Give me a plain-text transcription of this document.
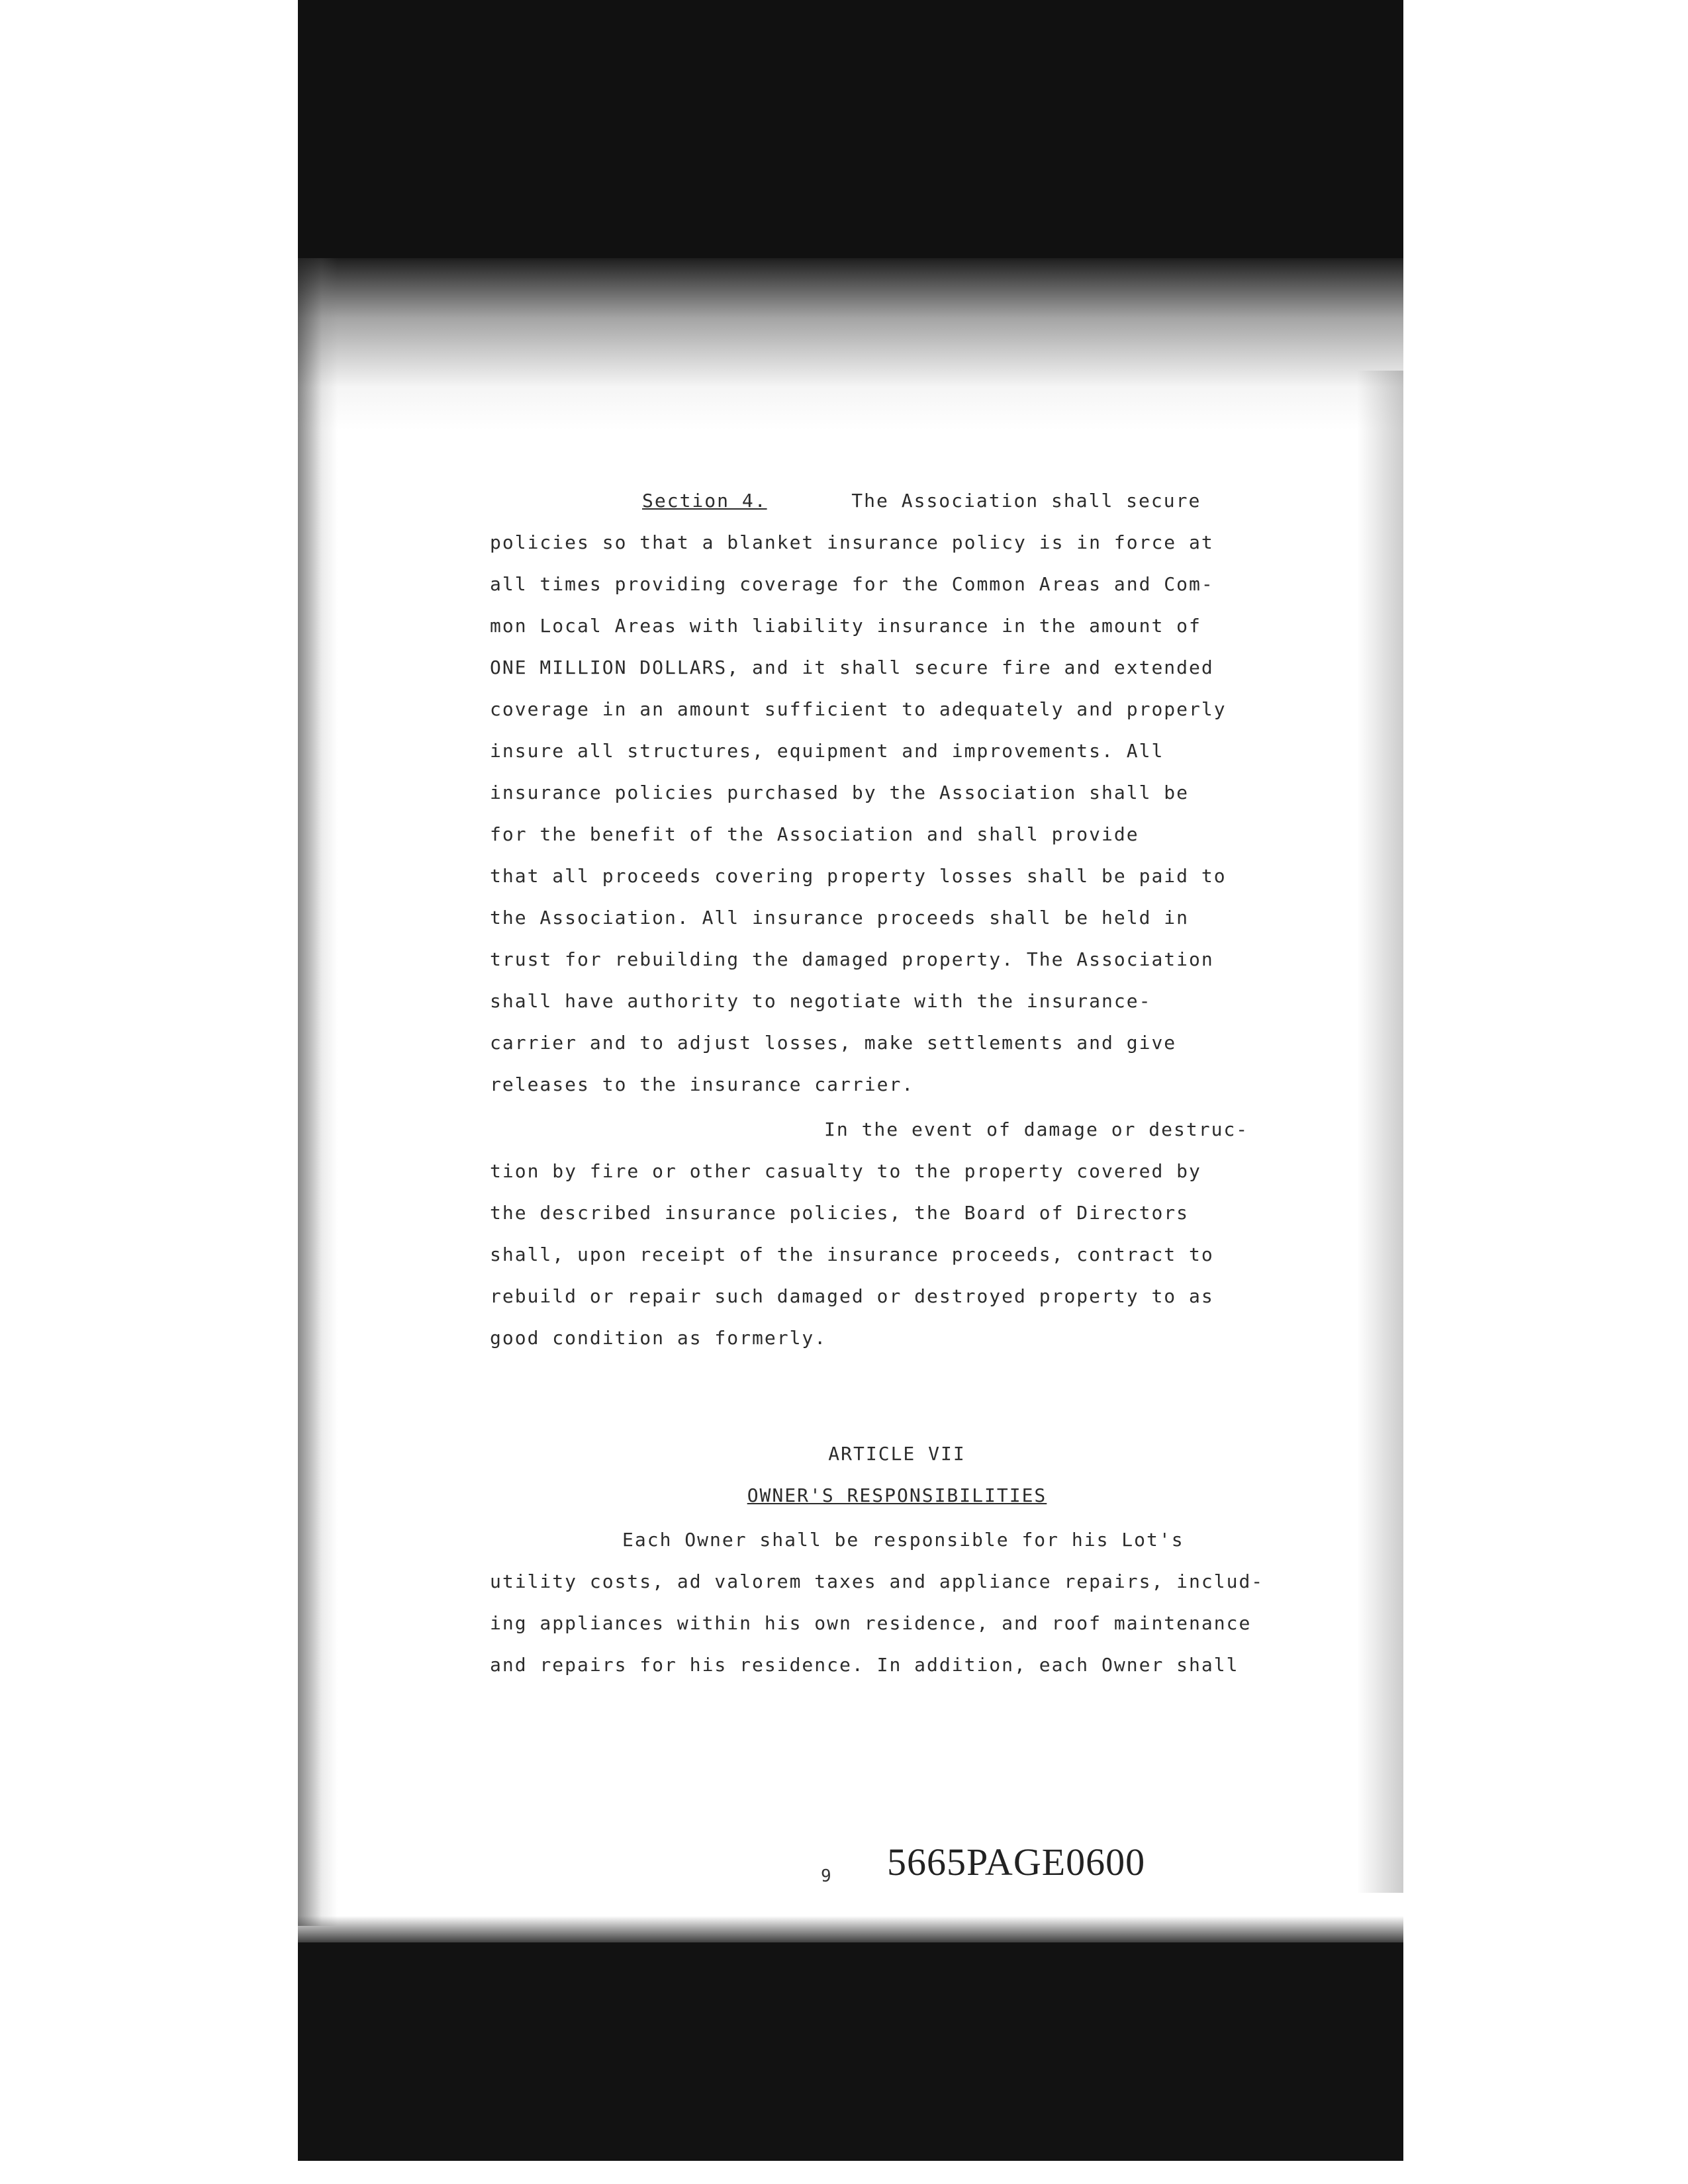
Section 4.	The Association shall secure
policies so that a blanket insurance policy is in force at
all times providing coverage for the Common Areas and Com-
mon Local Areas with liability insurance in the amount of
ONE MILLION DOLLARS, and it shall secure fire and extended
coverage in an amount sufficient to adequately and properly
insure all structures, equipment and improvements. All
insurance policies purchased by the Association shall be
for the benefit of the Association and shall provide
that all proceeds covering property losses shall be paid to
the Association. All insurance proceeds shall be held in
trust for rebuilding the damaged property. The Association
shall have authority to negotiate with the insurance-
carrier and to adjust losses, make settlements and give
releases to the insurance carrier.
In the event of damage or destruc-
tion by fire or other casualty to the property covered by
the described insurance policies, the Board of Directors
shall, upon receipt of the insurance proceeds, contract to
rebuild or repair such damaged or destroyed property to as
good condition as formerly.
ARTICLE VII
OWNER'S RESPONSIBILITIES
Each Owner shall be responsible for his Lot's
utility costs, ad valorem taxes and appliance repairs, includ-
ing appliances within his own residence, and roof maintenance
and repairs for his residence. In addition, each Owner shall
9 5665PAGE0600
